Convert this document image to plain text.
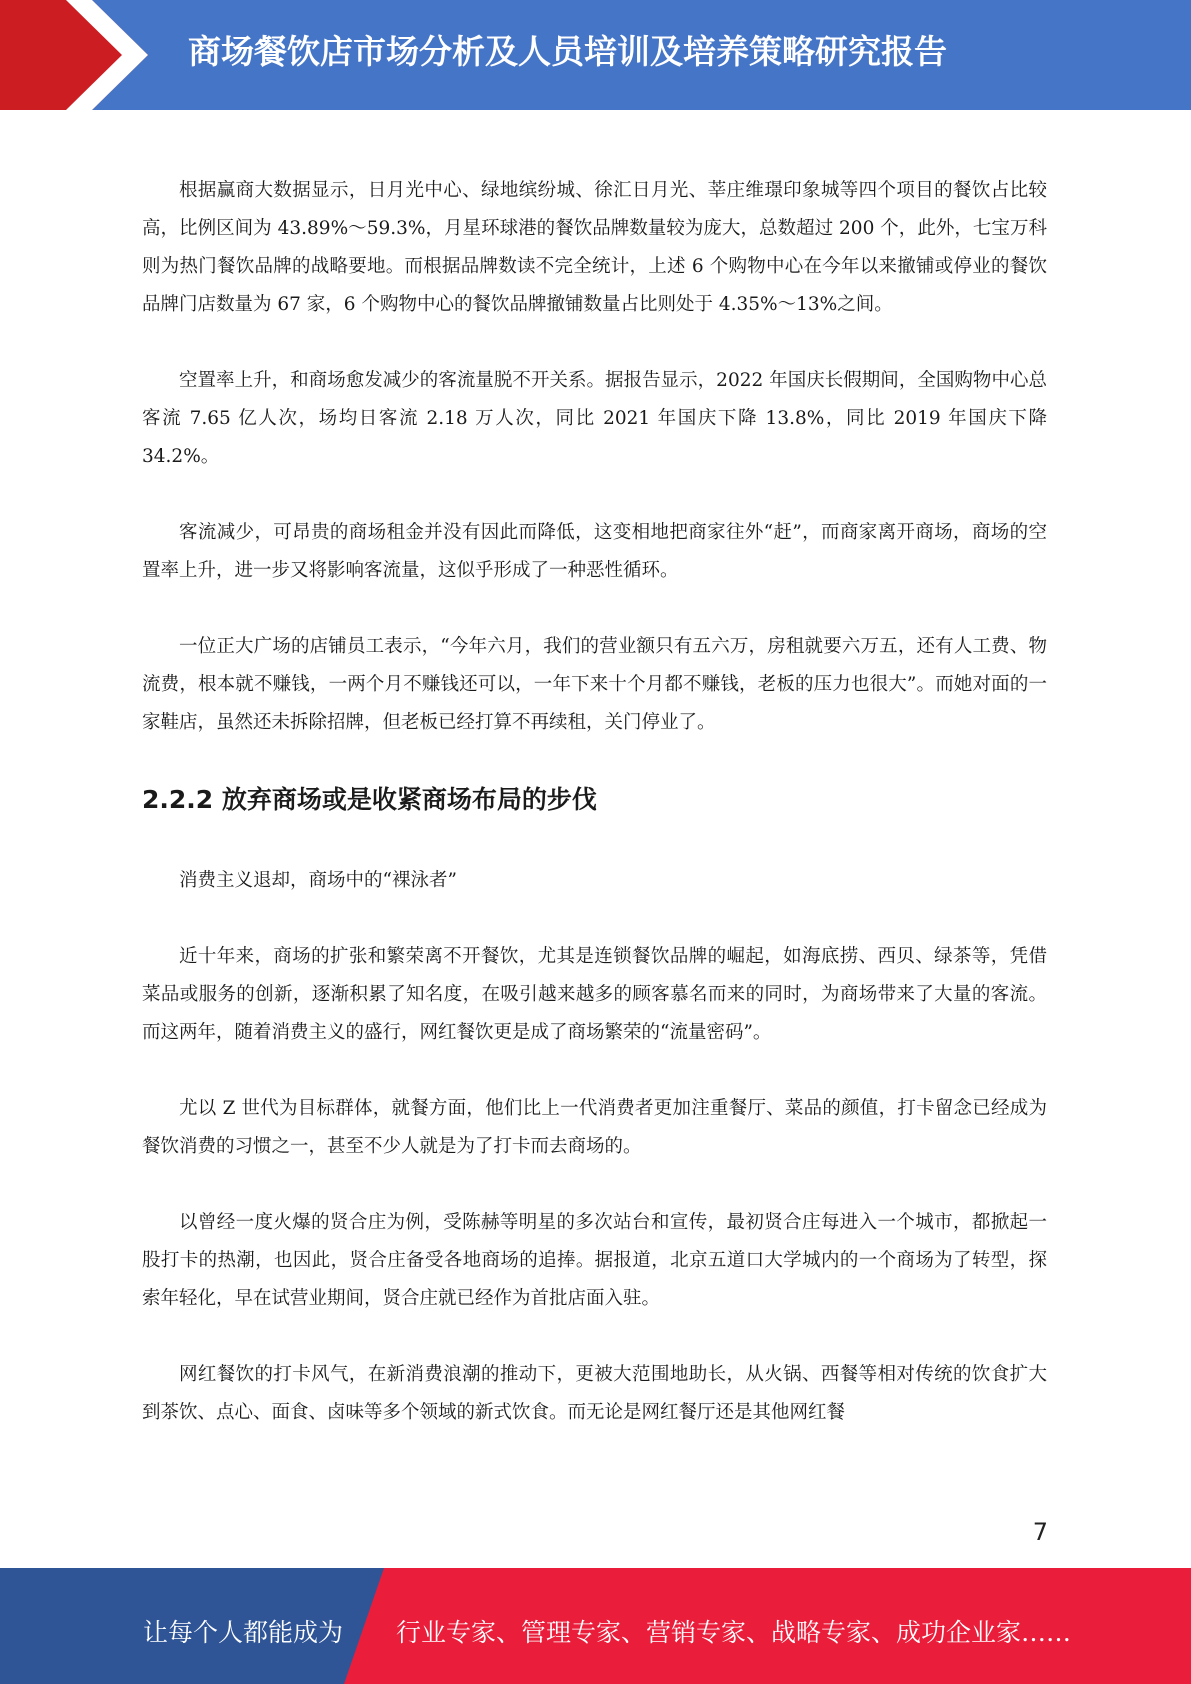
商场餐饮店市场分析及人员培训及培养策略研究报告

根据赢商大数据显示，日月光中心、绿地缤纷城、徐汇日月光、莘庄维璟印象城等四个项目的餐饮占比较高，比例区间为 43.89%～59.3%，月星环球港的餐饮品牌数量较为庞大，总数超过 200 个，此外，七宝万科则为热门餐饮品牌的战略要地。而根据品牌数读不完全统计，上述 6 个购物中心在今年以来撤铺或停业的餐饮品牌门店数量为 67 家，6 个购物中心的餐饮品牌撤铺数量占比则处于 4.35%～13%之间。

空置率上升，和商场愈发减少的客流量脱不开关系。据报告显示，2022 年国庆长假期间，全国购物中心总客流 7.65 亿人次，场均日客流 2.18 万人次，同比 2021 年国庆下降 13.8%，同比 2019 年国庆下降 34.2%。

客流减少，可昂贵的商场租金并没有因此而降低，这变相地把商家往外“赶”，而商家离开商场，商场的空置率上升，进一步又将影响客流量，这似乎形成了一种恶性循环。

一位正大广场的店铺员工表示，“今年六月，我们的营业额只有五六万，房租就要六万五，还有人工费、物流费，根本就不赚钱，一两个月不赚钱还可以，一年下来十个月都不赚钱，老板的压力也很大”。而她对面的一家鞋店，虽然还未拆除招牌，但老板已经打算不再续租，关门停业了。

2.2.2 放弃商场或是收紧商场布局的步伐

消费主义退却，商场中的“裸泳者”

近十年来，商场的扩张和繁荣离不开餐饮，尤其是连锁餐饮品牌的崛起，如海底捞、西贝、绿茶等，凭借菜品或服务的创新，逐渐积累了知名度，在吸引越来越多的顾客慕名而来的同时，为商场带来了大量的客流。而这两年，随着消费主义的盛行，网红餐饮更是成了商场繁荣的“流量密码”。

尤以 Z 世代为目标群体，就餐方面，他们比上一代消费者更加注重餐厅、菜品的颜值，打卡留念已经成为餐饮消费的习惯之一，甚至不少人就是为了打卡而去商场的。

以曾经一度火爆的贤合庄为例，受陈赫等明星的多次站台和宣传，最初贤合庄每进入一个城市，都掀起一股打卡的热潮，也因此，贤合庄备受各地商场的追捧。据报道，北京五道口大学城内的一个商场为了转型，探索年轻化，早在试营业期间，贤合庄就已经作为首批店面入驻。

网红餐饮的打卡风气，在新消费浪潮的推动下，更被大范围地助长，从火锅、西餐等相对传统的饮食扩大到茶饮、点心、面食、卤味等多个领域的新式饮食。而无论是网红餐厅还是其他网红餐

7
让每个人都能成为 行业专家、管理专家、营销专家、战略专家、成功企业家……
